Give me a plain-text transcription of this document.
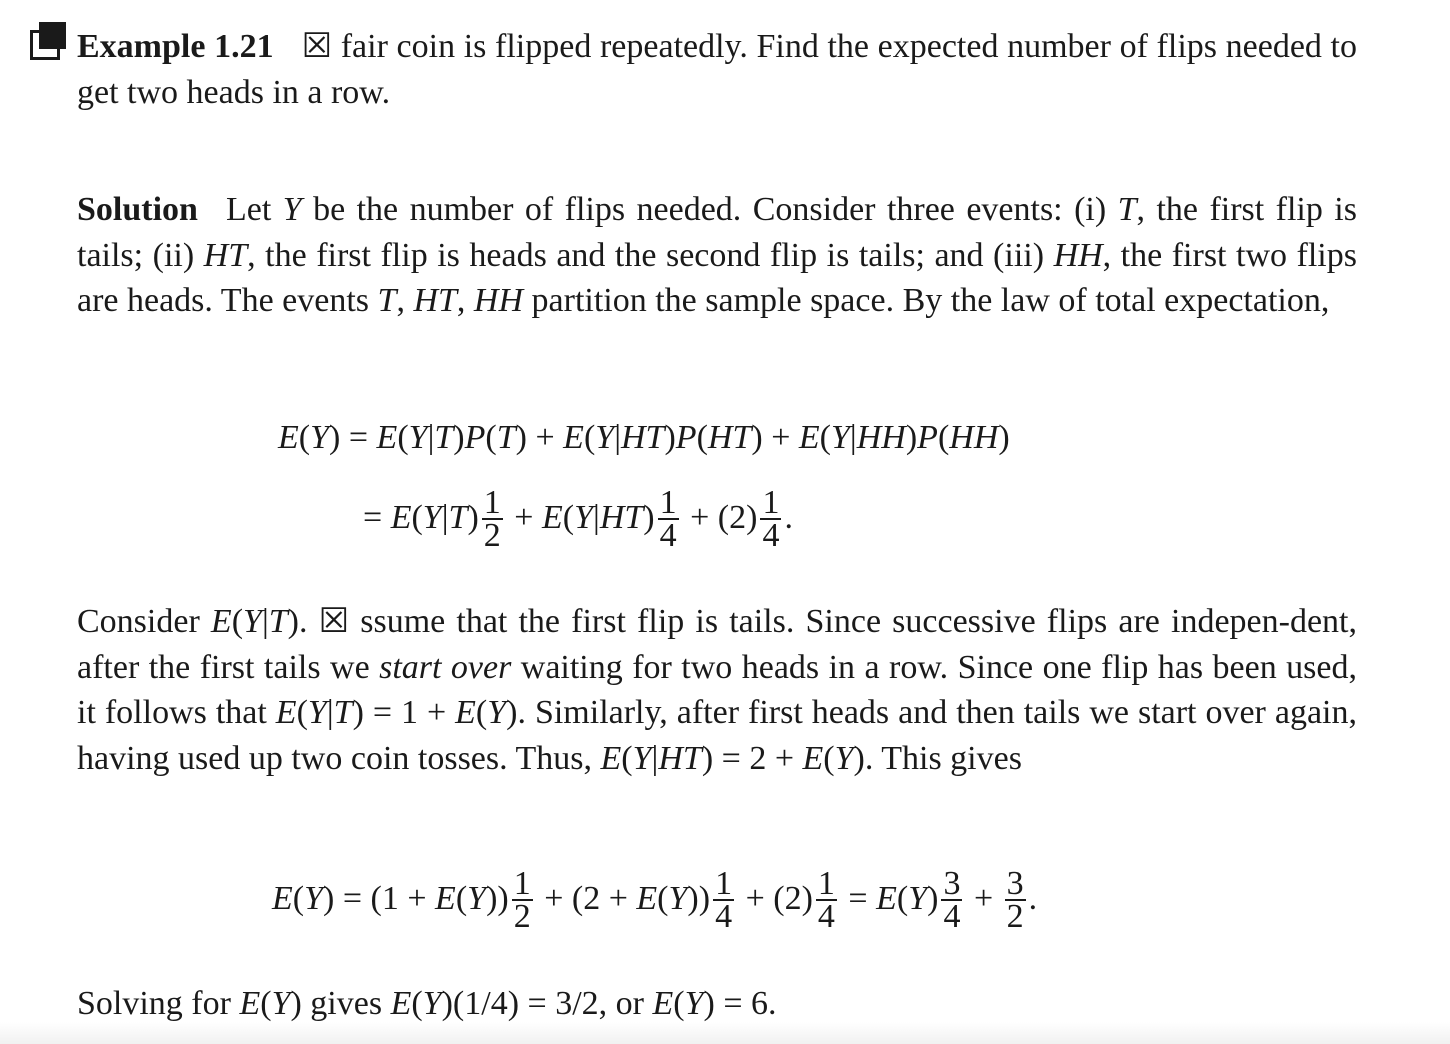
Example 1.21 ☒ fair coin is flipped repeatedly. Find the expected number of flips needed to get two heads in a row.
Solution Let Y be the number of flips needed. Consider three events: (i) T, the first flip is tails; (ii) HT, the first flip is heads and the second flip is tails; and (iii) HH, the first two flips are heads. The events T, HT, HH partition the sample space. By the law of total expectation,
E(Y) = E(Y|T)P(T) + E(Y|HT)P(HT) + E(Y|HH)P(HH)
= $E(Y|T) \frac{1}{2} + E(Y|HT) \frac{1}{4} + (2) \frac{1}{4}$ .
Consider E(Y|T). ☒ ssume that the first flip is tails. Since successive flips are indepen-dent, after the first tails we start over waiting for two heads in a row. Since one flip has been used, it follows that E(Y|T) = 1 + E(Y). Similarly, after first heads and then tails we start over again, having used up two coin tosses. Thus, E(Y|HT) = 2 + E(Y). This gives
$E(Y) = (1 + E(Y)) \frac{1}{2} + (2 + E(Y)) \frac{1}{4} + (2) \frac{1}{4} = E(Y) \frac{3}{4} + \frac{3}{2}$ .
Solving for E(Y) gives E(Y)(1/4) = 3/2, or E(Y) = 6.
